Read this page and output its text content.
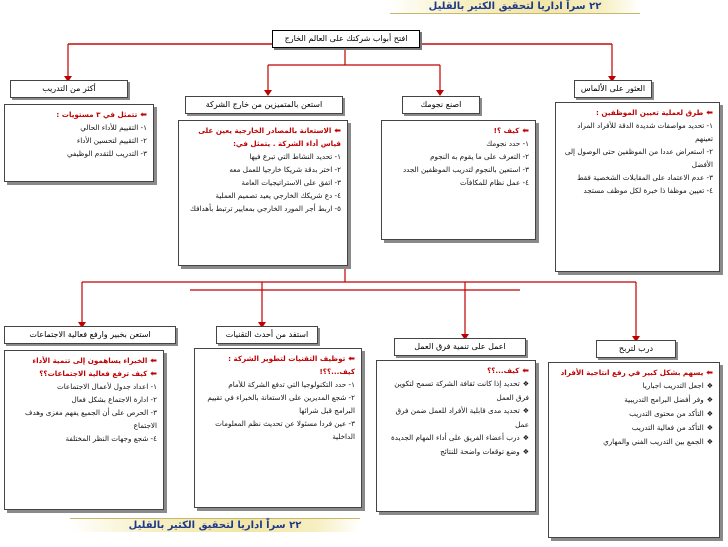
٢٢ سراً اداريا لتحقيق الكثير بالقليل
افتح أبواب شركتك على العالم الخارج
العثور على الألماس
اصنع نجومك
استعن بالمتميزين من خارج الشركة
أكثر من التدريب
⬅طرق لعملية تعيين الموظفين :
١- تحديد مواصفات شديدة الدقة للأفراد المراد تعينهم
٢- استعراض عددا من الموظفين حتى الوصول إلى الأفضل
٣- عدم الاعتماد على المقابلات الشخصية فقط
٤- تعيين موظفا ذا خبرة لكل موظف مستجد
⬅كيف ؟!
١- حدد نجومك
٢- التعرف على ما يقوم به النجوم
٣- استعين بالنجوم لتدريب الموظفين الجدد
٤- عمل نظام للمكافآت
⬅الاستعانة بالمصادر الخارجية يعين على قياس أداء الشركة . يتمثل في:
١- تحديد النشاط التي تبرع فيها
٢- اختر بدقة شريكا خارجيا للعمل معه
٣- اتفق على الاستراتيجيات العامة
٤- دع شريكك الخارجي يعيد تصميم العملية
٥- اربط أجر المورد الخارجي بمعايير ترتبط بأهدافك
⬅تتمثل في ٣ مستويات :
١- التقييم للأداء الحالي
٢- التقييم لتحسين الأداء
٣- التدريب للتقدم الوظيفي
درب لتربح
اعمل على تنمية فرق العمل
استفد من أحدث التقنيات
استعن بخبير وارفع فعالية الاجتماعات
⬅يسهم بشكل كبير في رفع انتاجية الأفراد
❖اجعل التدريب اجباريا
❖وفر أفضل البرامج التدريبية
❖التأكد من محتوى التدريب
❖التأكد من فعالية التدريب
❖الجمع بين التدريب الفني والمهاري
⬅كيف...؟؟
❖تحديد إذا كانت ثقافة الشركة تسمح لتكوين فرق العمل
❖تحديد مدى قابلية الأفراد للعمل ضمن فرق عمل
❖درب أعضاء الفريق على أداء المهام الجديدة
❖وضع توقعات واضحة للنتائج
⬅توظيف التقنيات لتطوير الشركة : كيف...؟؟!
١- حدد التكنولوجيا التي تدفع الشركة للأمام
٢- شجع المديرين على الاستعانة بالخبراء في تقييم البرامج قبل شرائها
٣- عين فردا مسئولا عن تحديث نظم المعلومات الداخلية
⬅الخبراء يساهمون إلى تنمية الأداء
⬅كيف ترفع فعالية الاجتماعات؟؟
١- اعداد جدول لأعمال الاجتماعات
٢- ادارة الاجتماع بشكل فعال
٣- الحرص على أن الجميع يفهم مغزى وهدف الاجتماع
٤- شجع وجهات النظر المختلفة
٢٢ سراً اداريا لتحقيق الكثير بالقليل
